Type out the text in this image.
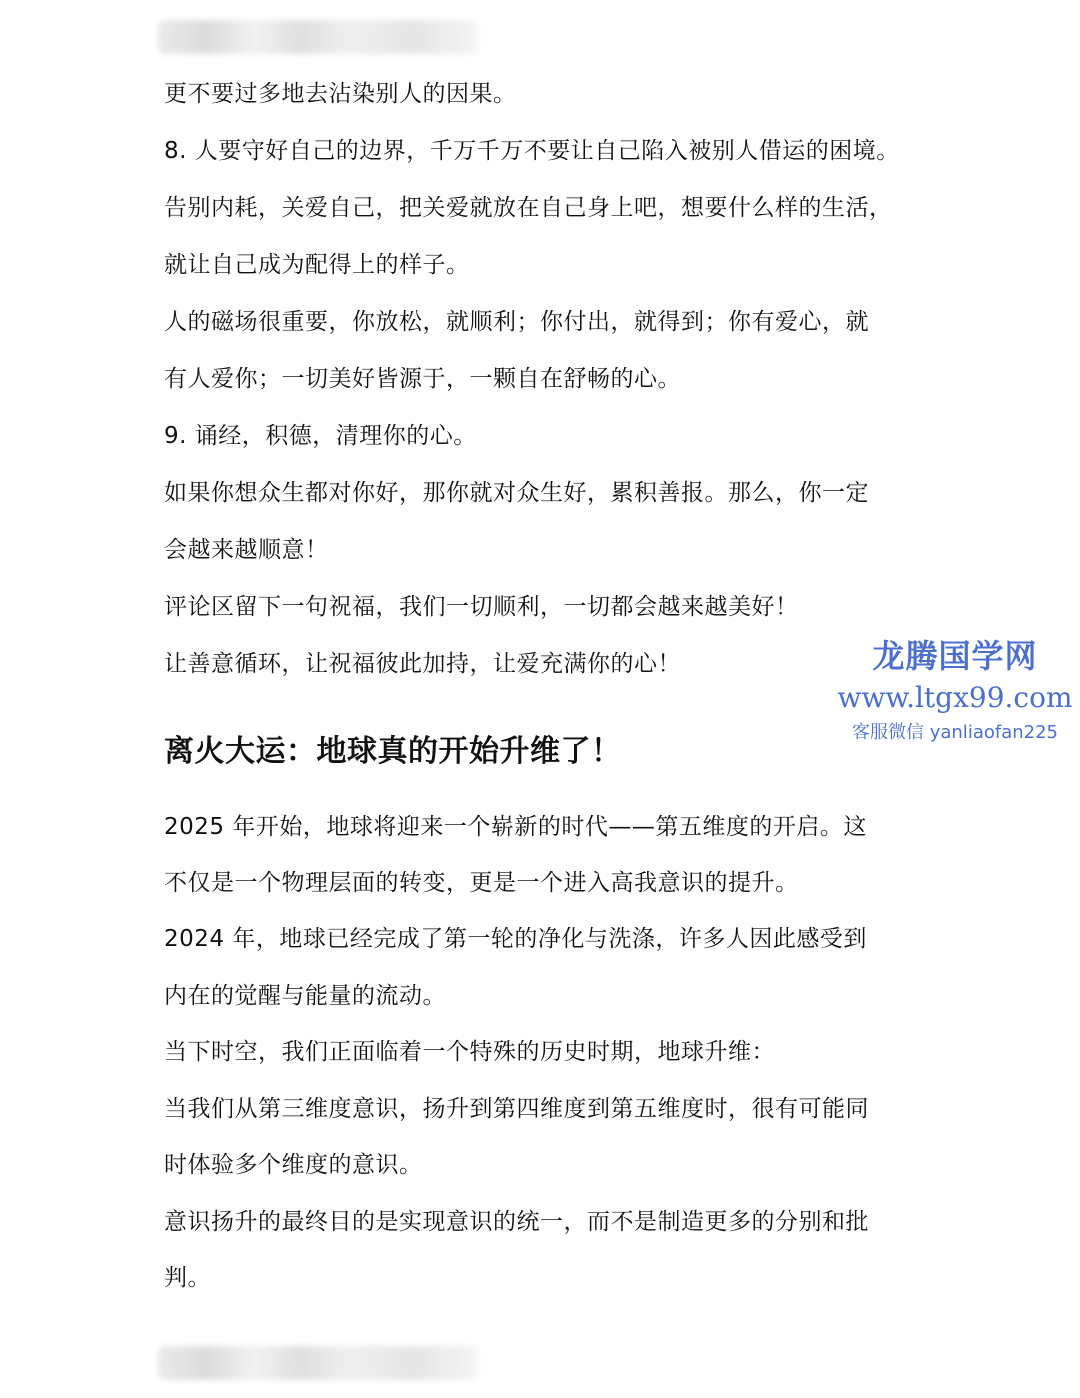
更不要过多地去沾染别人的因果。
8. 人要守好自己的边界，千万千万不要让自己陷入被别人借运的困境。
告别内耗，关爱自己，把关爱就放在自己身上吧，想要什么样的生活，
就让自己成为配得上的样子。
人的磁场很重要，你放松，就顺利；你付出，就得到；你有爱心，就
有人爱你；一切美好皆源于，一颗自在舒畅的心。
9. 诵经，积德，清理你的心。
如果你想众生都对你好，那你就对众生好，累积善报。那么，你一定
会越来越顺意！
评论区留下一句祝福，我们一切顺利，一切都会越来越美好！
让善意循环，让祝福彼此加持，让爱充满你的心！
离火大运：地球真的开始升维了！
2025 年开始，地球将迎来一个崭新的时代——第五维度的开启。这
不仅是一个物理层面的转变，更是一个进入高我意识的提升。
2024 年，地球已经完成了第一轮的净化与洗涤，许多人因此感受到
内在的觉醒与能量的流动。
当下时空，我们正面临着一个特殊的历史时期，地球升维：
当我们从第三维度意识，扬升到第四维度到第五维度时，很有可能同
时体验多个维度的意识。
意识扬升的最终目的是实现意识的统一，而不是制造更多的分别和批
判。
龙腾国学网
www.ltgx99.com
客服微信 yanliaofan225
